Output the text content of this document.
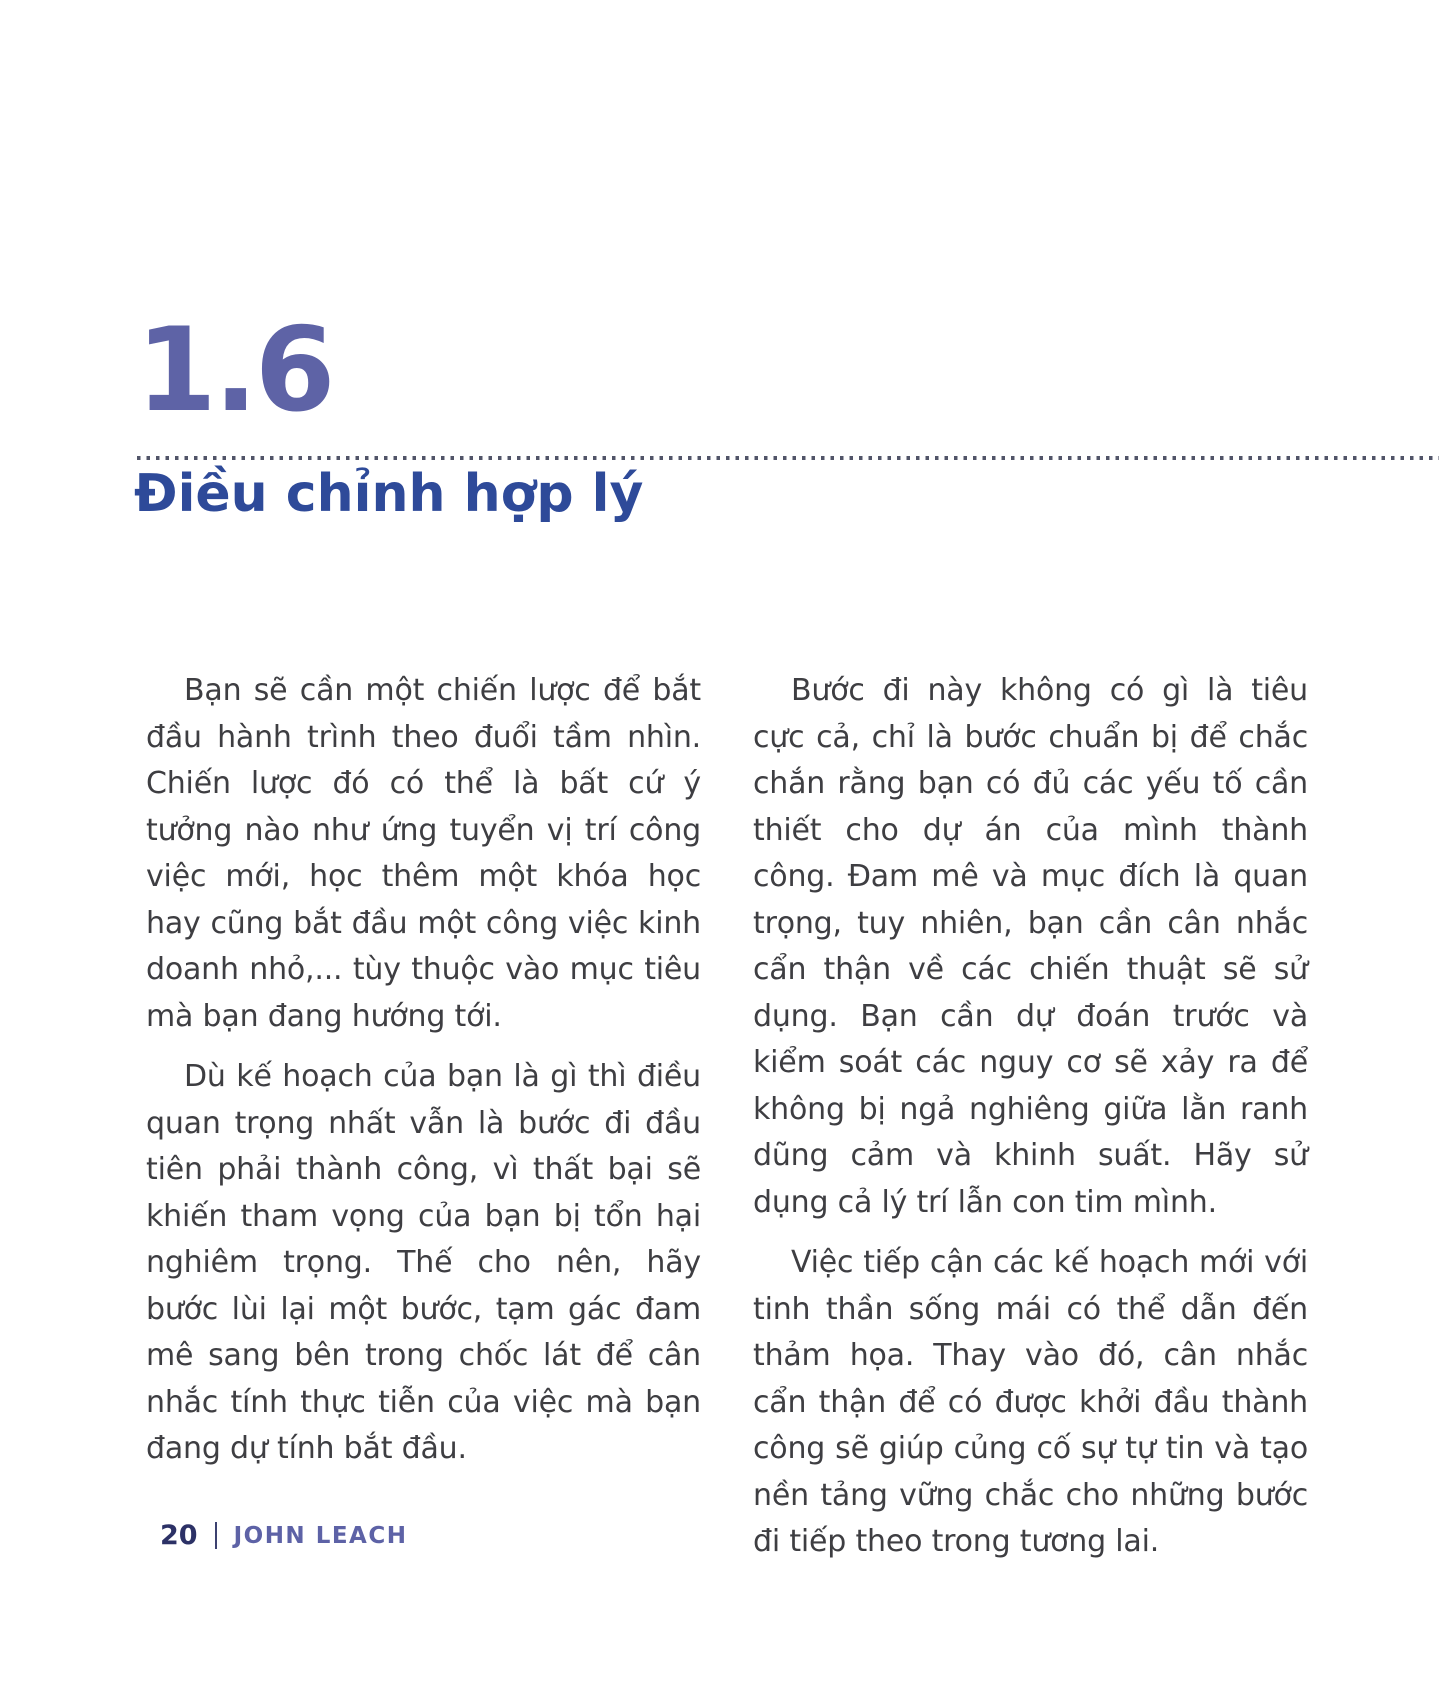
1.6
Điều chỉnh hợp lý

Bạn sẽ cần một chiến lược để bắt đầu hành trình theo đuổi tầm nhìn. Chiến lược đó có thể là bất cứ ý tưởng nào như ứng tuyển vị trí công việc mới, học thêm một khóa học hay cũng bắt đầu một công việc kinh doanh nhỏ,... tùy thuộc vào mục tiêu mà bạn đang hướng tới.

Dù kế hoạch của bạn là gì thì điều quan trọng nhất vẫn là bước đi đầu tiên phải thành công, vì thất bại sẽ khiến tham vọng của bạn bị tổn hại nghiêm trọng. Thế cho nên, hãy bước lùi lại một bước, tạm gác đam mê sang bên trong chốc lát để cân nhắc tính thực tiễn của việc mà bạn đang dự tính bắt đầu.

Bước đi này không có gì là tiêu cực cả, chỉ là bước chuẩn bị để chắc chắn rằng bạn có đủ các yếu tố cần thiết cho dự án của mình thành công. Đam mê và mục đích là quan trọng, tuy nhiên, bạn cần cân nhắc cẩn thận về các chiến thuật sẽ sử dụng. Bạn cần dự đoán trước và kiểm soát các nguy cơ sẽ xảy ra để không bị ngả nghiêng giữa lằn ranh dũng cảm và khinh suất. Hãy sử dụng cả lý trí lẫn con tim mình.

Việc tiếp cận các kế hoạch mới với tinh thần sống mái có thể dẫn đến thảm họa. Thay vào đó, cân nhắc cẩn thận để có được khởi đầu thành công sẽ giúp củng cố sự tự tin và tạo nền tảng vững chắc cho những bước đi tiếp theo trong tương lai.

20 JOHN LEACH
